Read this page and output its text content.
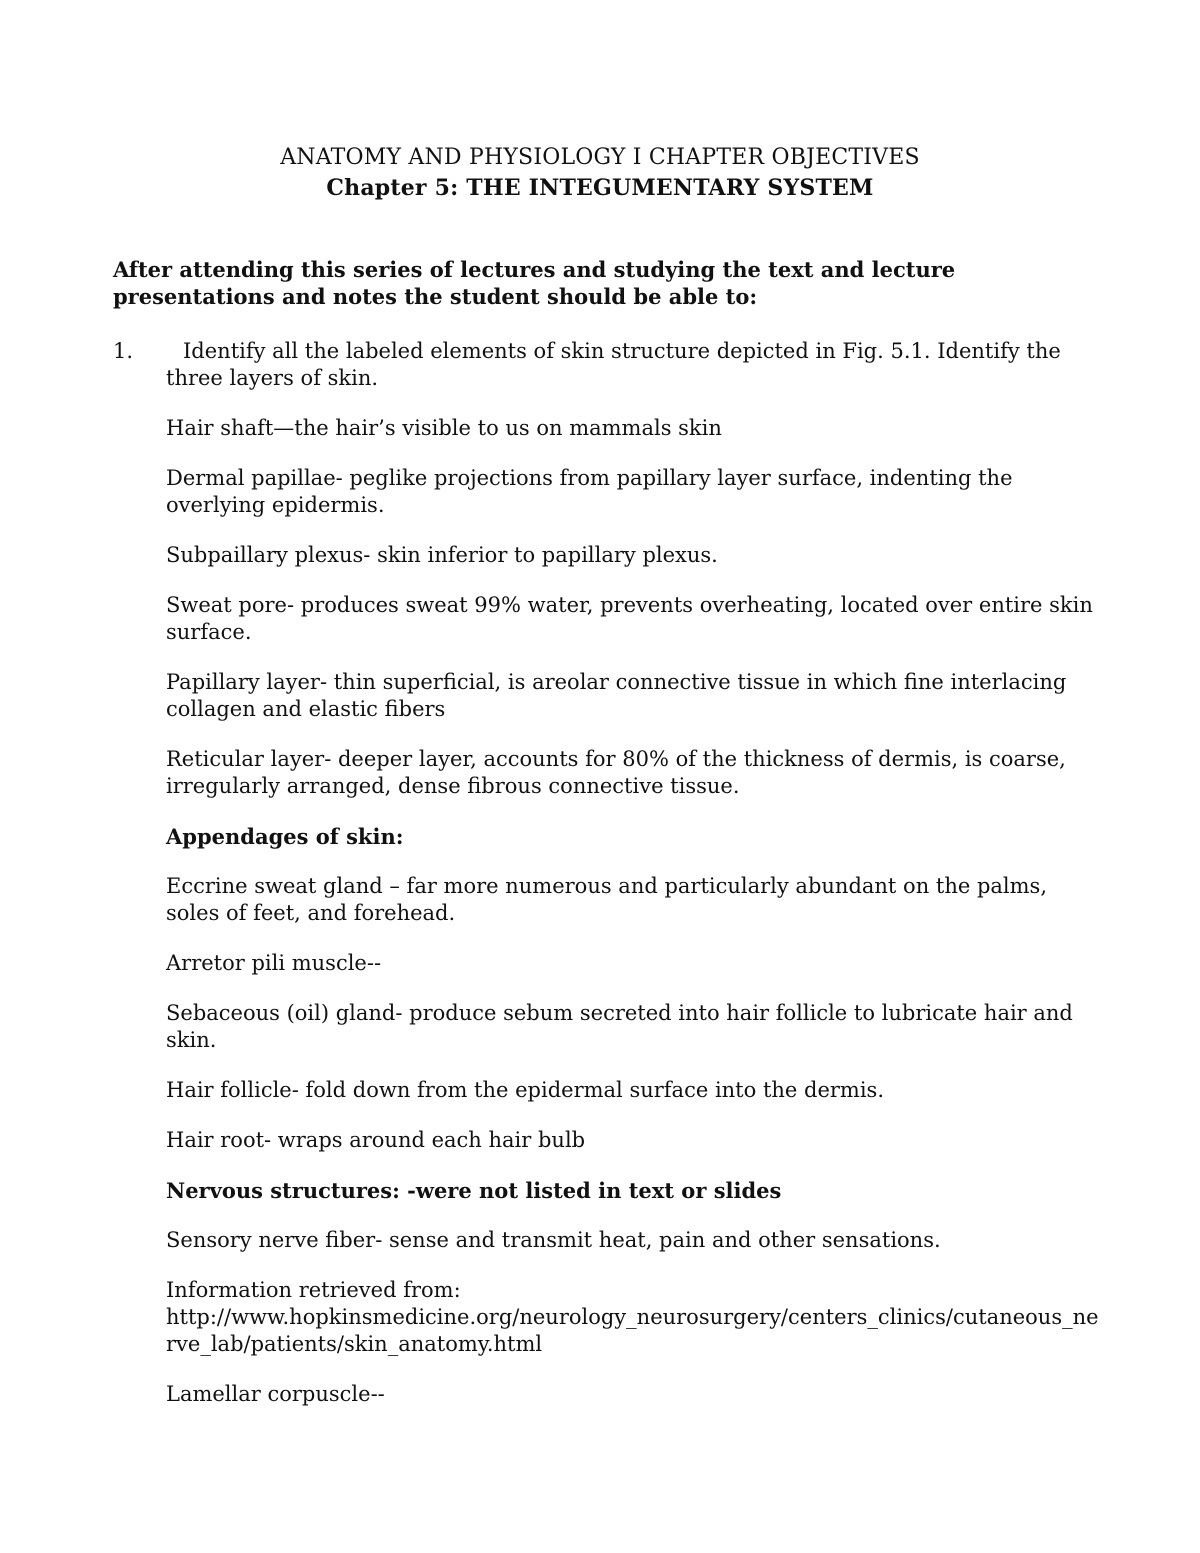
ANATOMY AND PHYSIOLOGY I CHAPTER OBJECTIVES
Chapter 5: THE INTEGUMENTARY SYSTEM
After attending this series of lectures and studying the text and lecture presentations and notes the student should be able to:
1.	Identify all the labeled elements of skin structure depicted in Fig. 5.1. Identify the three layers of skin.

Hair shaft—the hair’s visible to us on mammals skin

Dermal papillae- peglike projections from papillary layer surface, indenting the overlying epidermis.

Subpaillary plexus- skin inferior to papillary plexus.

Sweat pore- produces sweat 99% water, prevents overheating, located over entire skin surface.

Papillary layer- thin superficial, is areolar connective tissue in which fine interlacing collagen and elastic fibers

Reticular layer- deeper layer, accounts for 80% of the thickness of dermis, is coarse, irregularly arranged, dense fibrous connective tissue.

Appendages of skin:

Eccrine sweat gland – far more numerous and particularly abundant on the palms, soles of feet, and forehead.

Arretor pili muscle--

Sebaceous (oil) gland- produce sebum secreted into hair follicle to lubricate hair and skin.

Hair follicle- fold down from the epidermal surface into the dermis.

Hair root- wraps around each hair bulb

Nervous structures: -were not listed in text or slides

Sensory nerve fiber- sense and transmit heat, pain and other sensations.

Information retrieved from:
http://www.hopkinsmedicine.org/neurology_neurosurgery/centers_clinics/cutaneous_nerve_lab/patients/skin_anatomy.html

Lamellar corpuscle--
